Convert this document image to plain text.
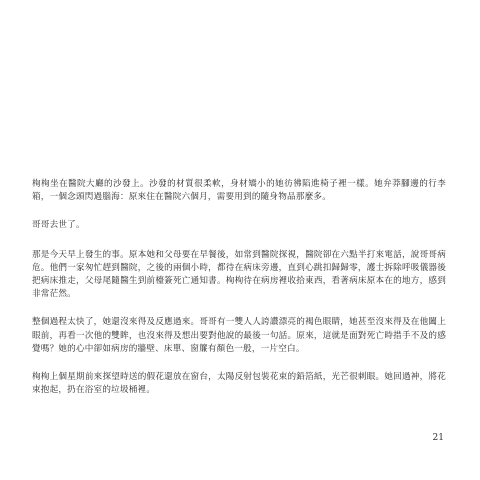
栒栒坐在醫院大廳的沙發上。沙發的材質很柔軟，身材矯小的她彷彿陷進椅子裡一樣。她弁莽腳邊的行李箱，一個念頭閃過腦海：原來住在醫院六個月，需要用到的隨身物品那麼多。

哥哥去世了。

那是今天早上發生的事。原本她和父母要在早餐後，如常到醫院探視，醫院卻在六點半打來電話，說哥哥病危。他們一家匆忙趕到醫院，之後的兩個小時，都待在病床旁邊，直到心跳扣歸歸零，護士拆除呼吸儀器後把病床推走，父母尾隨醫生到前檯簽死亡通知書。栒栒待在病房裡收拾東西，看著病床原本在的地方，感到非常茫然。

整個過程太快了，她還沒來得及反應過來。哥哥有一雙人人誇讚漂亮的褐色眼睛，她甚至沒來得及在他闔上眼前，再看一次他的雙眸，也沒來得及想出要對他說的最後一句話。原來，這就是面對死亡時措手不及的感覺嗎？她的心中卻如病房的牆壁、床單、窗簾有顏色一般，一片空白。

栒栒上個星期前來探望時送的假花還放在窗台，太陽反射包裝花束的鉛箔紙，光芒很刺眼。她回過神，將花束抱起，扔在浴室的垃圾桶裡。

21
